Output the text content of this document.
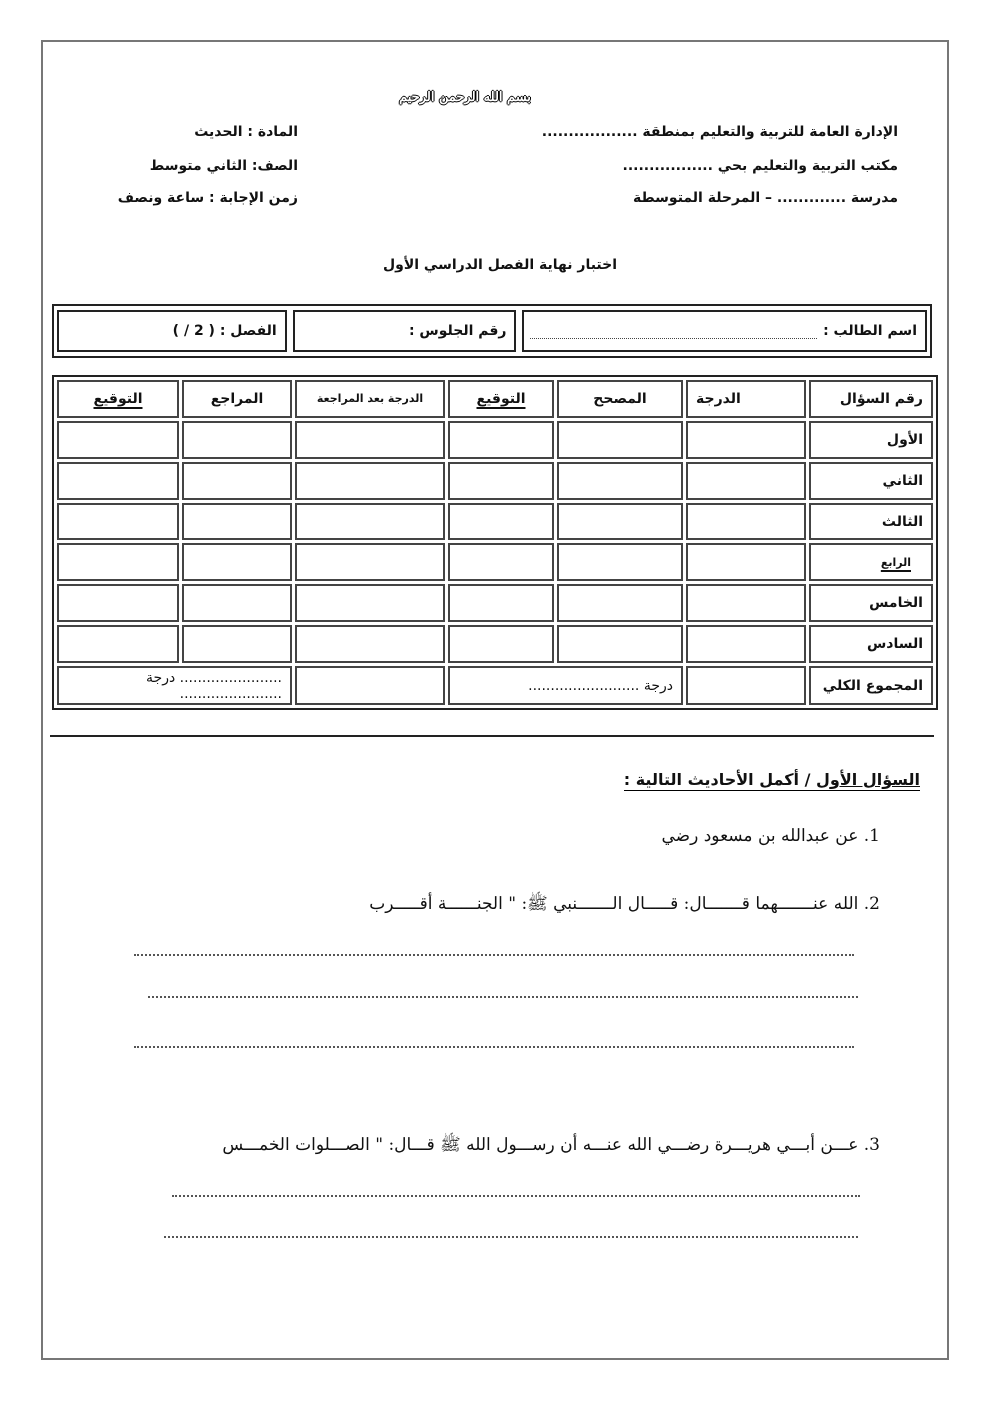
بسم الله الرحمن الرحيم
الإدارة العامة للتربية والتعليم بمنطقة ..................
مكتب التربية والتعليم بحي .................
مدرسة ............. – المرحلة المتوسطة
المادة : الحديث
الصف: الثاني متوسط
زمن الإجابة : ساعة ونصف
اختبار نهاية الفصل الدراسي الأول
اسم الطالب :
رقم الجلوس :
الفصل : ( 2 / )
رقم السؤال	الدرجة	المصحح	التوقيع	الدرجة بعد المراجعة	المراجع	التوقيع
الأول						
الثاني						
الثالث						
الرابع						
الخامس						
السادس						
المجموع الكلي		درجة .........................			....................... درجة .......................	
السؤال الأول / أكمل الأحاديث التالية :
1. عن عبدالله بن مسعود رضي
2. الله عنـــــــهما قـــــــال: قـــــال الـــــــنبي ﷺ: " الجنــــــة أقـــــرب
3. عـــن أبـــي هريـــرة رضـــي الله عنـــه أن رســـول الله ﷺ قـــال: " الصـــلوات الخمـــس
